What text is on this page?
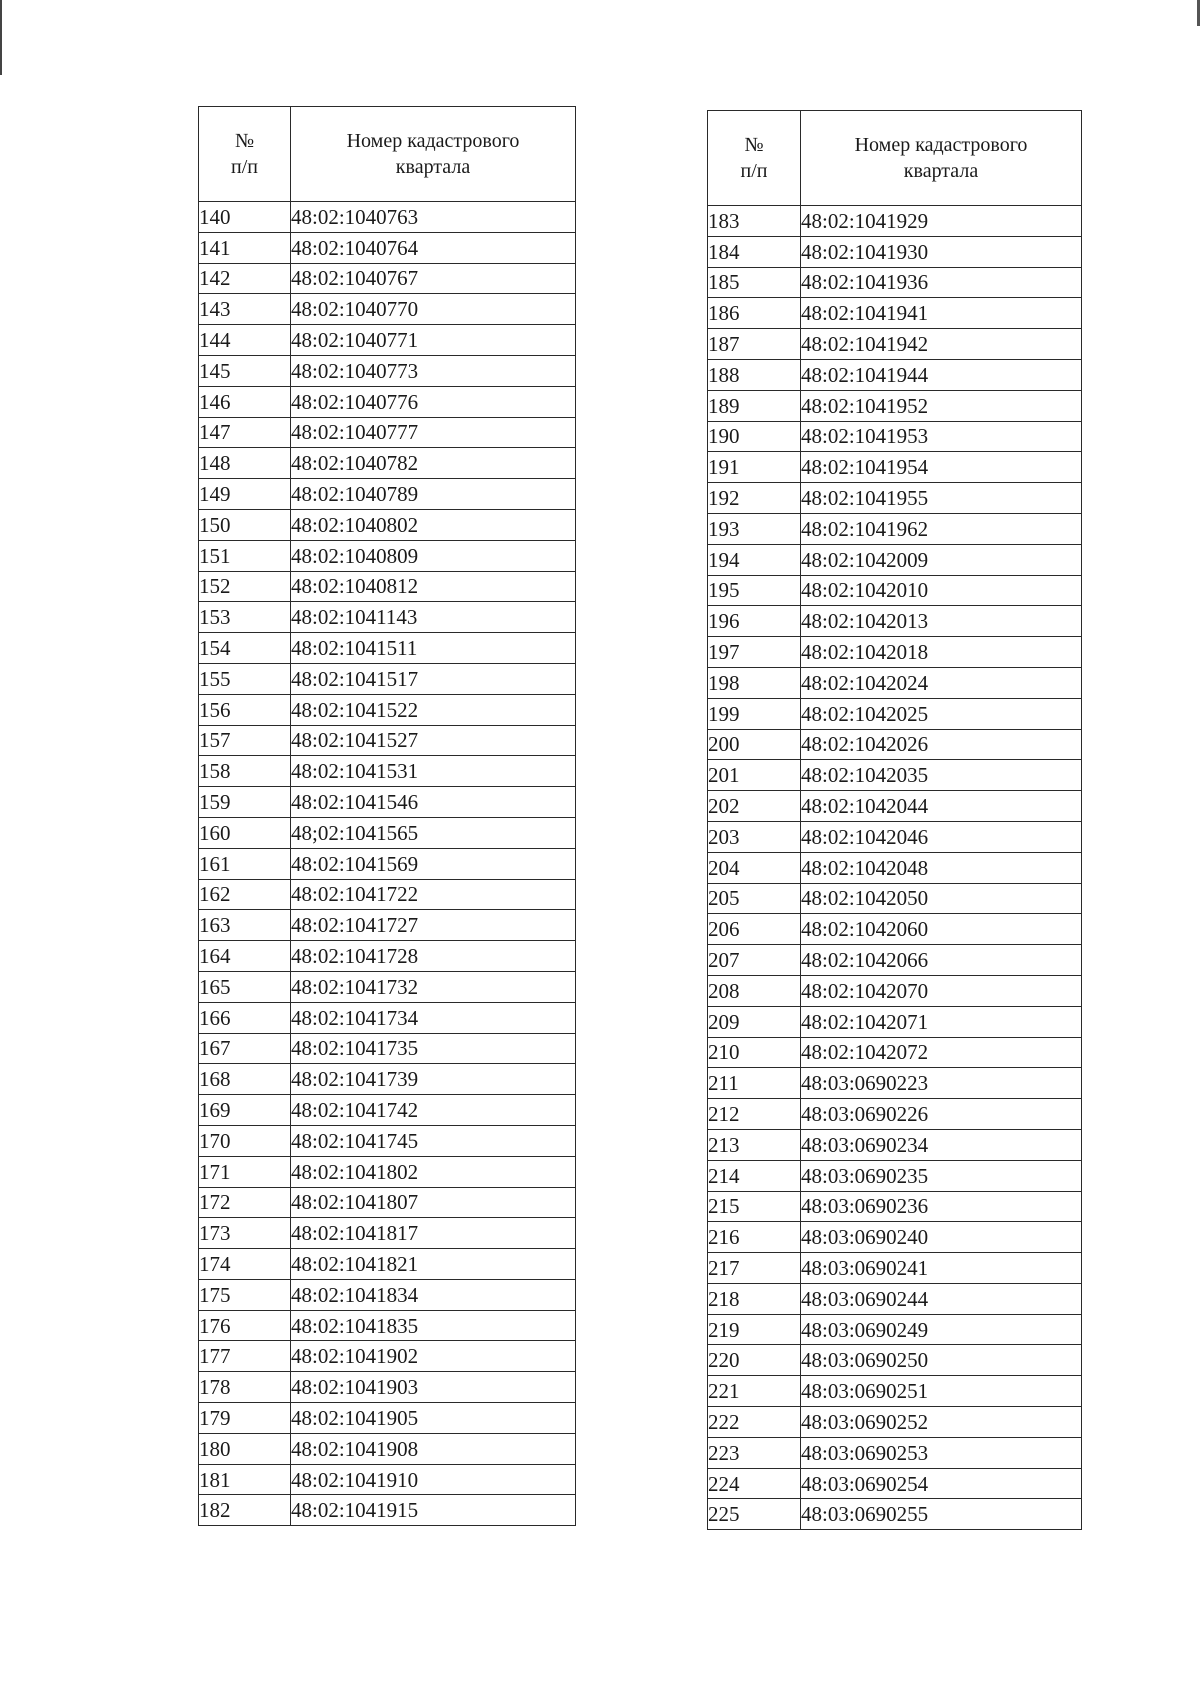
№
п/п	Номер кадастрового
квартала

140	48:02:1040763
141	48:02:1040764
142	48:02:1040767
143	48:02:1040770
144	48:02:1040771
145	48:02:1040773
146	48:02:1040776
147	48:02:1040777
148	48:02:1040782
149	48:02:1040789
150	48:02:1040802
151	48:02:1040809
152	48:02:1040812
153	48:02:1041143
154	48:02:1041511
155	48:02:1041517
156	48:02:1041522
157	48:02:1041527
158	48:02:1041531
159	48:02:1041546
160	48;02:1041565
161	48:02:1041569
162	48:02:1041722
163	48:02:1041727
164	48:02:1041728
165	48:02:1041732
166	48:02:1041734
167	48:02:1041735
168	48:02:1041739
169	48:02:1041742
170	48:02:1041745
171	48:02:1041802
172	48:02:1041807
173	48:02:1041817
174	48:02:1041821
175	48:02:1041834
176	48:02:1041835
177	48:02:1041902
178	48:02:1041903
179	48:02:1041905
180	48:02:1041908
181	48:02:1041910
182	48:02:1041915
№
п/п	Номер кадастрового
квартала

183	48:02:1041929
184	48:02:1041930
185	48:02:1041936
186	48:02:1041941
187	48:02:1041942
188	48:02:1041944
189	48:02:1041952
190	48:02:1041953
191	48:02:1041954
192	48:02:1041955
193	48:02:1041962
194	48:02:1042009
195	48:02:1042010
196	48:02:1042013
197	48:02:1042018
198	48:02:1042024
199	48:02:1042025
200	48:02:1042026
201	48:02:1042035
202	48:02:1042044
203	48:02:1042046
204	48:02:1042048
205	48:02:1042050
206	48:02:1042060
207	48:02:1042066
208	48:02:1042070
209	48:02:1042071
210	48:02:1042072
211	48:03:0690223
212	48:03:0690226
213	48:03:0690234
214	48:03:0690235
215	48:03:0690236
216	48:03:0690240
217	48:03:0690241
218	48:03:0690244
219	48:03:0690249
220	48:03:0690250
221	48:03:0690251
222	48:03:0690252
223	48:03:0690253
224	48:03:0690254
225	48:03:0690255
